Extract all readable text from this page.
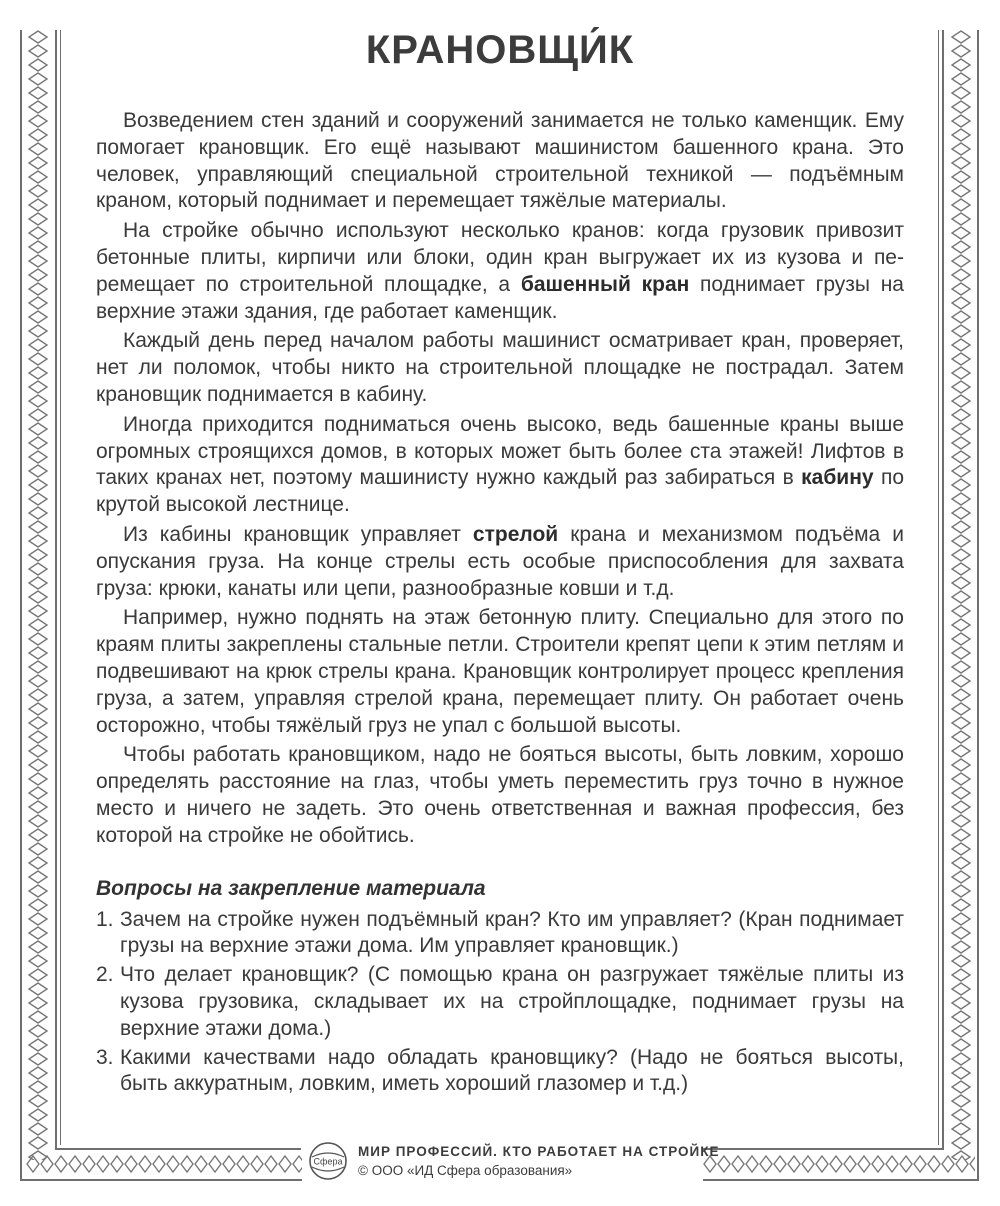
КРАНОВЩИ́К

Возведением стен зданий и сооружений занимается не только каменщик. Ему помогает крановщик. Его ещё называют машинистом башенного крана. Это человек, управляющий специальной строительной техникой — подъёмным краном, который поднимает и перемещает тяжёлые материалы.

На стройке обычно используют несколько кранов: когда грузовик привозит бетонные плиты, кирпичи или блоки, один кран выгружает их из кузова и перемещает по строительной площадке, а башенный кран поднимает грузы на верхние этажи здания, где работает каменщик.

Каждый день перед началом работы машинист осматривает кран, проверяет, нет ли поломок, чтобы никто на строительной площадке не пострадал. Затем крановщик поднимается в кабину.

Иногда приходится подниматься очень высоко, ведь башенные краны выше огромных строящихся домов, в которых может быть более ста этажей! Лифтов в таких кранах нет, поэтому машинисту нужно каждый раз забираться в кабину по крутой высокой лестнице.

Из кабины крановщик управляет стрелой крана и механизмом подъёма и опускания груза. На конце стрелы есть особые приспособления для захвата груза: крюки, канаты или цепи, разнообразные ковши и т.д.

Например, нужно поднять на этаж бетонную плиту. Специально для этого по краям плиты закреплены стальные петли. Строители крепят цепи к этим петлям и подвешивают на крюк стрелы крана. Крановщик контролирует процесс крепления груза, а затем, управляя стрелой крана, перемещает плиту. Он работает очень осторожно, чтобы тяжёлый груз не упал с большой высоты.

Чтобы работать крановщиком, надо не бояться высоты, быть ловким, хорошо определять расстояние на глаз, чтобы уметь переместить груз точно в нужное место и ничего не задеть. Это очень ответственная и важная профессия, без которой на стройке не обойтись.

Вопросы на закрепление материала
1. Зачем на стройке нужен подъёмный кран? Кто им управляет? (Кран поднимает грузы на верхние этажи дома. Им управляет крановщик.)
2. Что делает крановщик? (С помощью крана он разгружает тяжёлые плиты из кузова грузовика, складывает их на стройплощадке, поднимает грузы на верхние этажи дома.)
3. Какими качествами надо обладать крановщику? (Надо не бояться высоты, быть аккуратным, ловким, иметь хороший глазомер и т.д.)
Сфера
МИР ПРОФЕССИЙ. КТО РАБОТАЕТ НА СТРОЙКЕ
© ООО «ИД Сфера образования»
